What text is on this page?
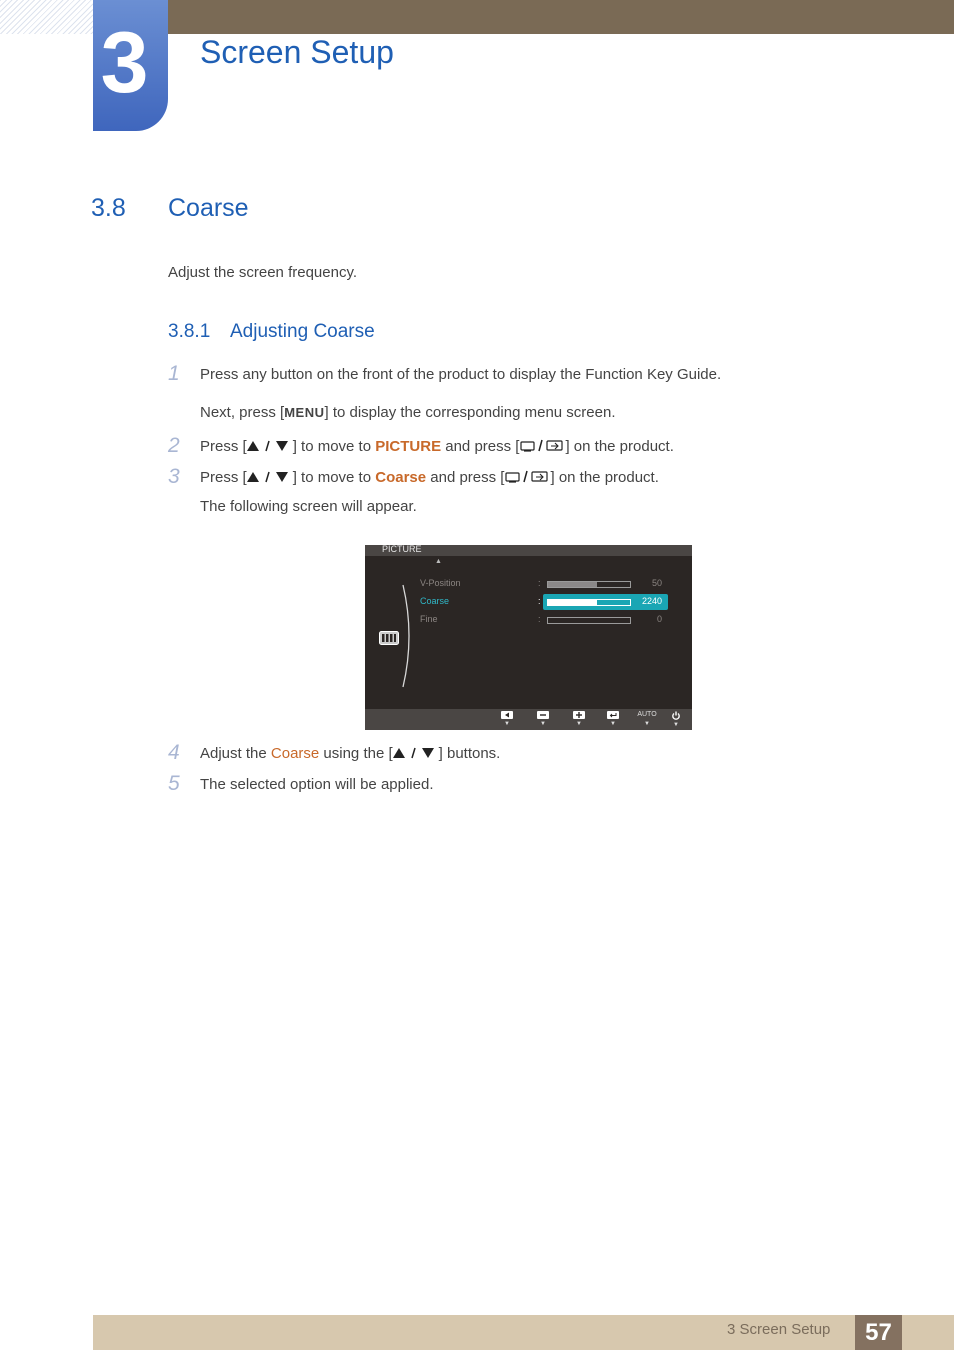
3	Screen Setup
3.8 Coarse
Adjust the screen frequency.
3.8.1 Adjusting Coarse
1 Press any button on the front of the product to display the Function Key Guide.
Next, press [MENU] to display the corresponding menu screen.
2 Press [	] to move to PICTURE and press [	] on the product.
3 Press [	] to move to Coarse and press [	] on the product.
The following screen will appear.
PICTURE
▲
V-Position	:	50
Coarse	:	2240
Fine	:	0
▼	▼	▼	▼
AUTO
▼	▼
4 Adjust the Coarse using the [	] buttons.
5 The selected option will be applied.
3 Screen Setup	57
